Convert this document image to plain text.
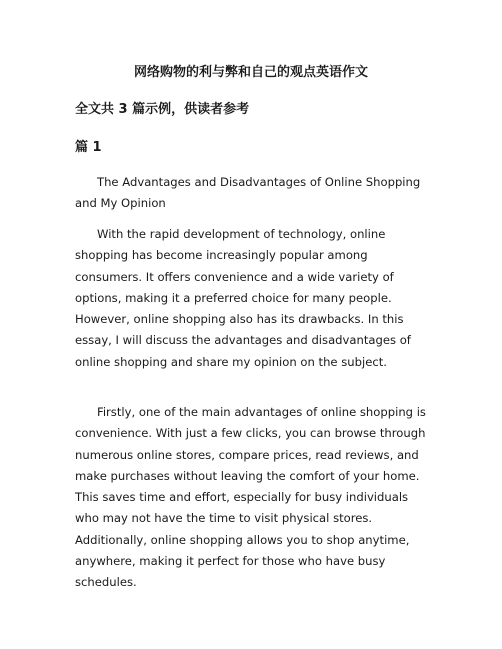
网络购物的利与弊和自己的观点英语作文
全文共 3 篇示例，供读者参考
篇 1

The Advantages and Disadvantages of Online Shopping and My Opinion

With the rapid development of technology, online shopping has become increasingly popular among consumers. It offers convenience and a wide variety of options, making it a preferred choice for many people. However, online shopping also has its drawbacks. In this essay, I will discuss the advantages and disadvantages of online shopping and share my opinion on the subject.

Firstly, one of the main advantages of online shopping is convenience. With just a few clicks, you can browse through numerous online stores, compare prices, read reviews, and make purchases without leaving the comfort of your home. This saves time and effort, especially for busy individuals who may not have the time to visit physical stores. Additionally, online shopping allows you to shop anytime, anywhere, making it perfect for those who have busy schedules.
